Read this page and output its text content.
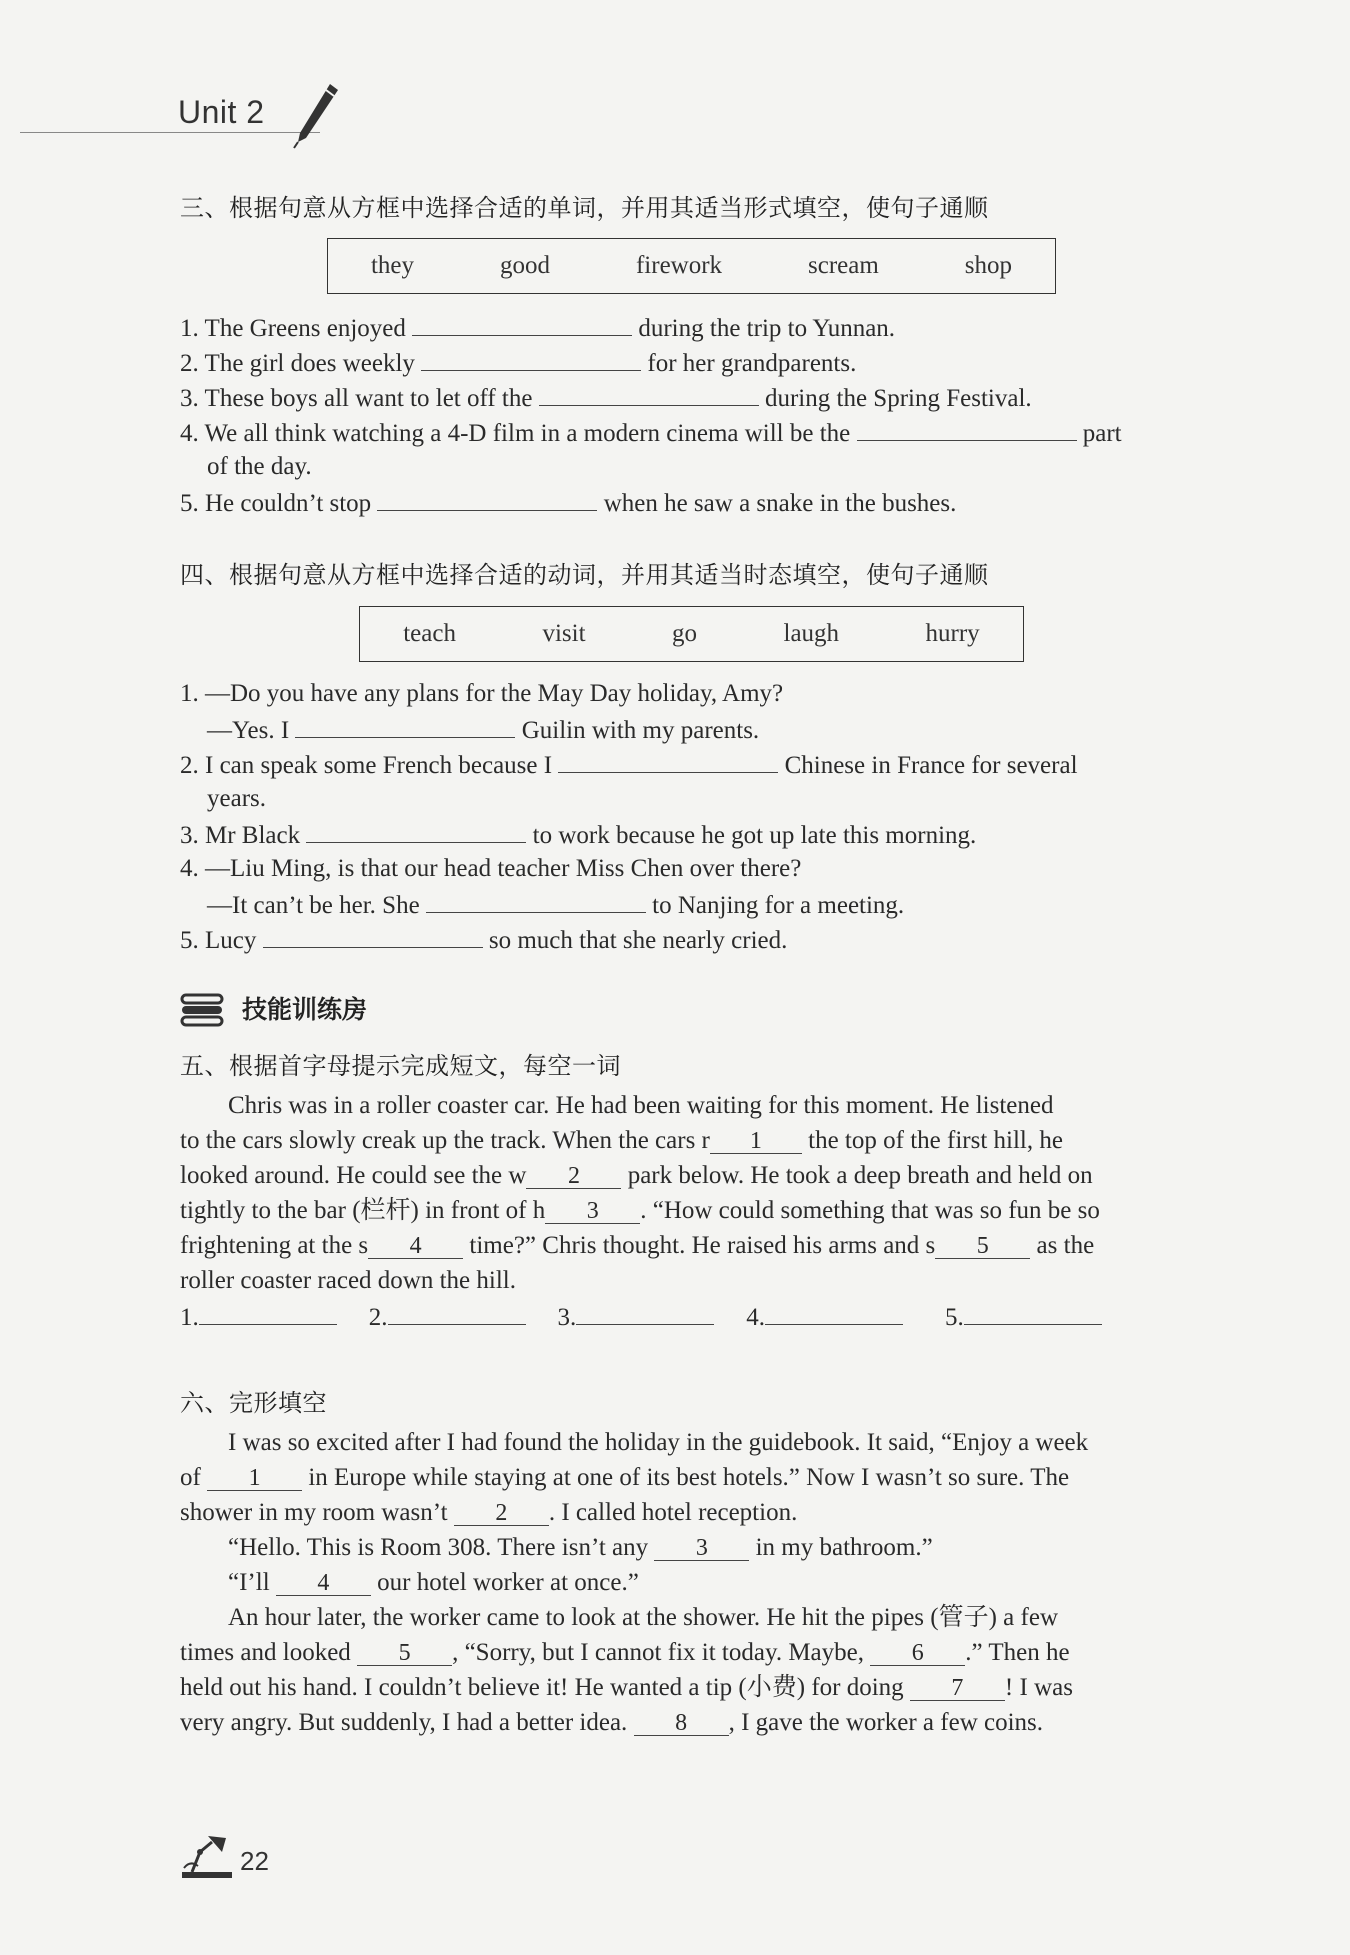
Unit 2
三、根据句意从方框中选择合适的单词，并用其适当形式填空，使句子通顺
they	good	firework	scream	shop
1. The Greens enjoyed	during the trip to Yunnan.
2. The girl does weekly	for her grandparents.
3. These boys all want to let off the	during the Spring Festival.
4. We all think watching a 4-D film in a modern cinema will be the	part
of the day.
5. He couldn’t stop	when he saw a snake in the bushes.
四、根据句意从方框中选择合适的动词，并用其适当时态填空，使句子通顺
teach	visit	go	laugh	hurry
1. —Do you have any plans for the May Day holiday, Amy?
—Yes. I	Guilin with my parents.
2. I can speak some French because I	Chinese in France for several
years.
3. Mr Black	to work because he got up late this morning.
4. —Liu Ming, is that our head teacher Miss Chen over there?
—It can’t be her. She	to Nanjing for a meeting.
5. Lucy	so much that she nearly cried.
技能训练房
五、根据首字母提示完成短文，每空一词
Chris was in a roller coaster car. He had been waiting for this moment. He listened
to the cars slowly creak up the track. When the cars r 1 the top of the first hill, he
looked around. He could see the w 2 park below. He took a deep breath and held on
tightly to the bar (栏杆) in front of h 3 . “How could something that was so fun be so
frightening at the s 4 time?” Chris thought. He raised his arms and s 5 as the
roller coaster raced down the hill.
1.	2.	3.	4.	5.
六、完形填空
I was so excited after I had found the holiday in the guidebook. It said, “Enjoy a week
of 1 in Europe while staying at one of its best hotels.” Now I wasn’t so sure. The
shower in my room wasn’t 2 . I called hotel reception.
“Hello. This is Room 308. There isn’t any 3 in my bathroom.”
“I’ll 4 our hotel worker at once.”
An hour later, the worker came to look at the shower. He hit the pipes (管子) a few
times and looked 5 , “Sorry, but I cannot fix it today. Maybe, 6 .” Then he
held out his hand. I couldn’t believe it! He wanted a tip (小费) for doing 7 ! I was
very angry. But suddenly, I had a better idea. 8 , I gave the worker a few coins.
22
